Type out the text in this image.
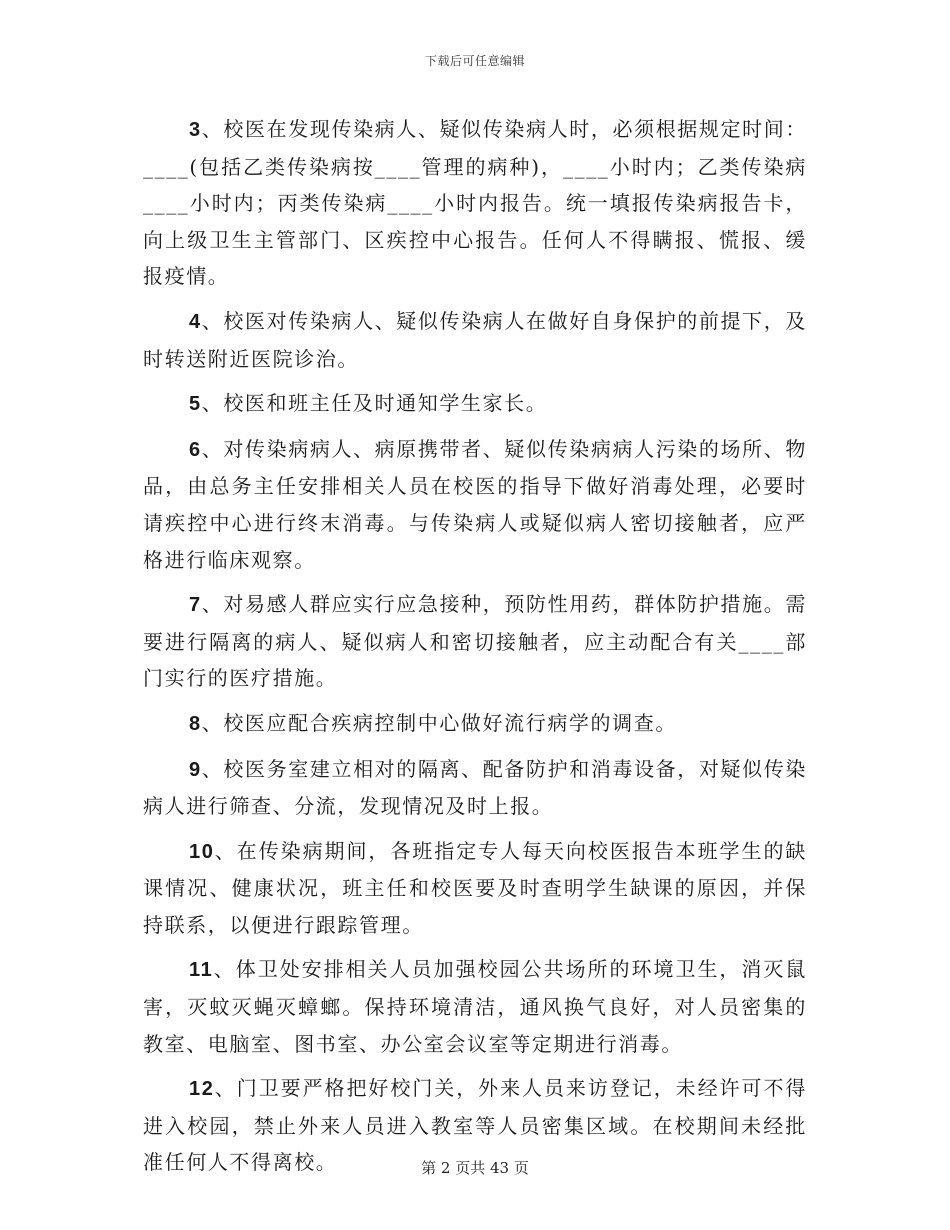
下载后可任意编辑

3、校医在发现传染病人、疑似传染病人时，必须根据规定时间：____(包括乙类传染病按____管理的病种)，____小时内；乙类传染病____小时内；丙类传染病____小时内报告。统一填报传染病报告卡，向上级卫生主管部门、区疾控中心报告。任何人不得瞒报、慌报、缓报疫情。

4、校医对传染病人、疑似传染病人在做好自身保护的前提下，及时转送附近医院诊治。

5、校医和班主任及时通知学生家长。

6、对传染病病人、病原携带者、疑似传染病病人污染的场所、物品，由总务主任安排相关人员在校医的指导下做好消毒处理，必要时请疾控中心进行终末消毒。与传染病人或疑似病人密切接触者，应严格进行临床观察。

7、对易感人群应实行应急接种，预防性用药，群体防护措施。需要进行隔离的病人、疑似病人和密切接触者，应主动配合有关____部门实行的医疗措施。

8、校医应配合疾病控制中心做好流行病学的调查。

9、校医务室建立相对的隔离、配备防护和消毒设备，对疑似传染病人进行筛查、分流，发现情况及时上报。

10、在传染病期间，各班指定专人每天向校医报告本班学生的缺课情况、健康状况，班主任和校医要及时查明学生缺课的原因，并保持联系，以便进行跟踪管理。

11、体卫处安排相关人员加强校园公共场所的环境卫生，消灭鼠害，灭蚊灭蝇灭蟑螂。保持环境清洁，通风换气良好，对人员密集的教室、电脑室、图书室、办公室会议室等定期进行消毒。

12、门卫要严格把好校门关，外来人员来访登记，未经许可不得进入校园，禁止外来人员进入教室等人员密集区域。在校期间未经批准任何人不得离校。	第 2 页共 43 页
